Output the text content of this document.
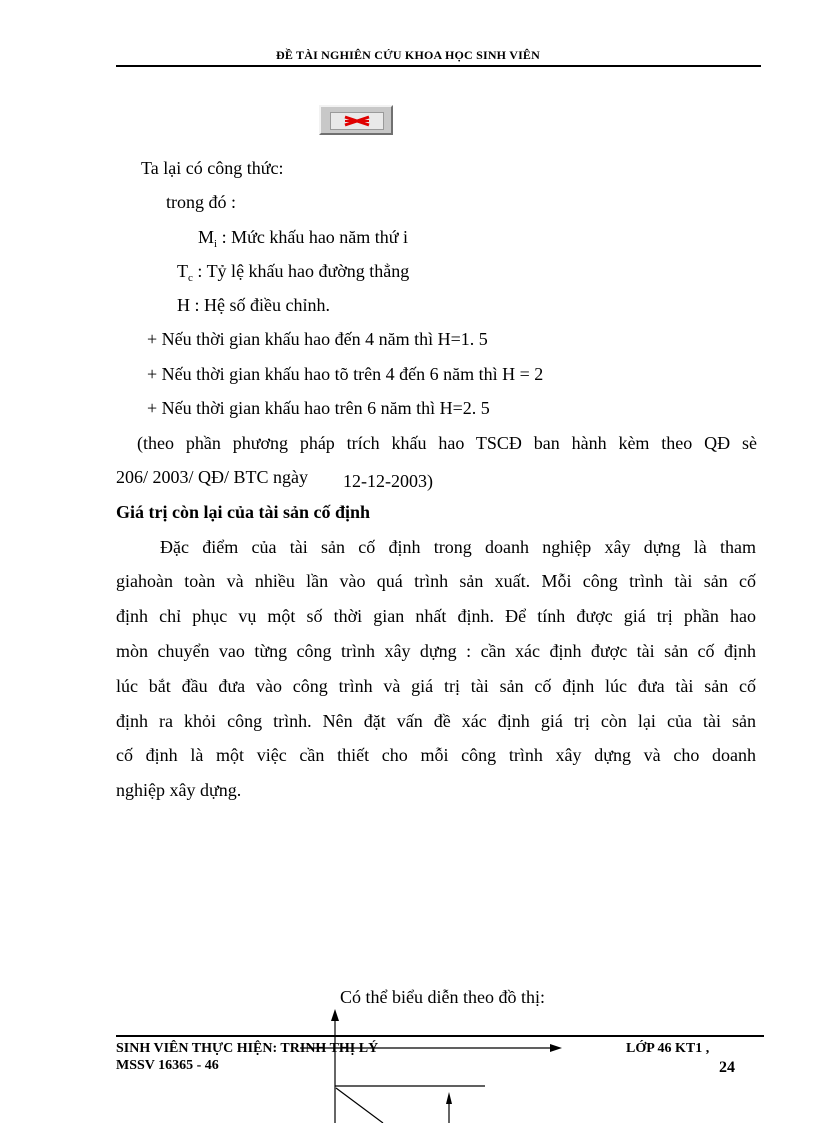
ĐỀ TÀI NGHIÊN CỨU KHOA HỌC SINH VIÊN
Ta lại có công thức:
trong đó :
$M_i$ : Mức khấu hao năm thứ i
$T_c$ : Tỷ lệ khấu hao đường thẳng
H : Hệ số điều chỉnh.
+ Nếu thời gian khấu hao đến 4 năm thì H=1. 5
+ Nếu thời gian khấu hao tõ trên 4 đến 6 năm thì H = 2
+ Nếu thời gian khấu hao trên 6 năm thì H=2. 5
(theo phần phương pháp trích khấu hao TSCĐ ban hành kèm theo QĐ sè
206/ 2003/ QĐ/ BTC ngày 12-12-2003)
Giá trị còn lại của tài sản cố định
Đặc điểm của tài sản cố định trong doanh nghiệp xây dựng là tham
giahoàn toàn và nhiều lần vào quá trình sản xuất. Mỗi công trình tài sản cố
định chỉ phục vụ một số thời gian nhất định. Để tính được giá trị phần hao
mòn chuyển vao từng công trình xây dựng : cần xác định được tài sản cố định
lúc bắt đầu đưa vào công trình và giá trị tài sản cố định lúc đưa tài sản cố
định ra khỏi công trình. Nên đặt vấn đề xác định giá trị còn lại của tài sản
cố định là một việc cần thiết cho mỗi công trình xây dựng và cho doanh
nghiệp xây dựng.
Có thể biểu diễn theo đồ thị:
SINH VIÊN THỰC HIỆN: TRINH THỊ LÝ	LỚP 46 KT1 ,
MSSV 16365 - 46	24
